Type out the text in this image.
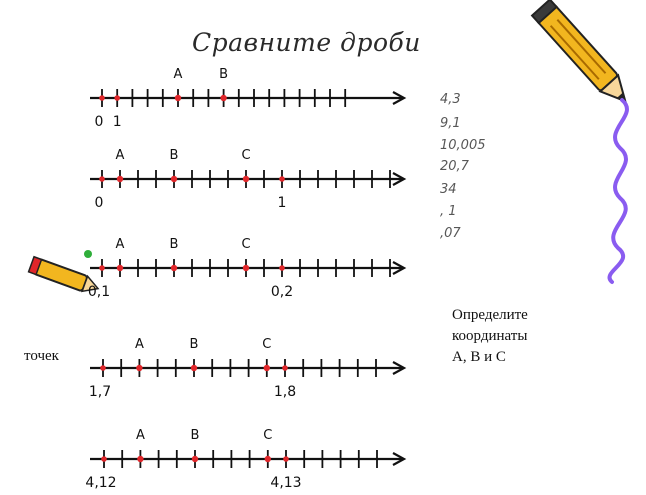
Сравните дроби
4,3
9,1
10,005
20,7
34
, 1
,07
Определите
координаты
А, В и С
точек
A	B
0 1
A	B	C
0	1
A	B	C
0,1	0,2
A	B	C
1,7	1,8
A	B	C
4,12	4,13
